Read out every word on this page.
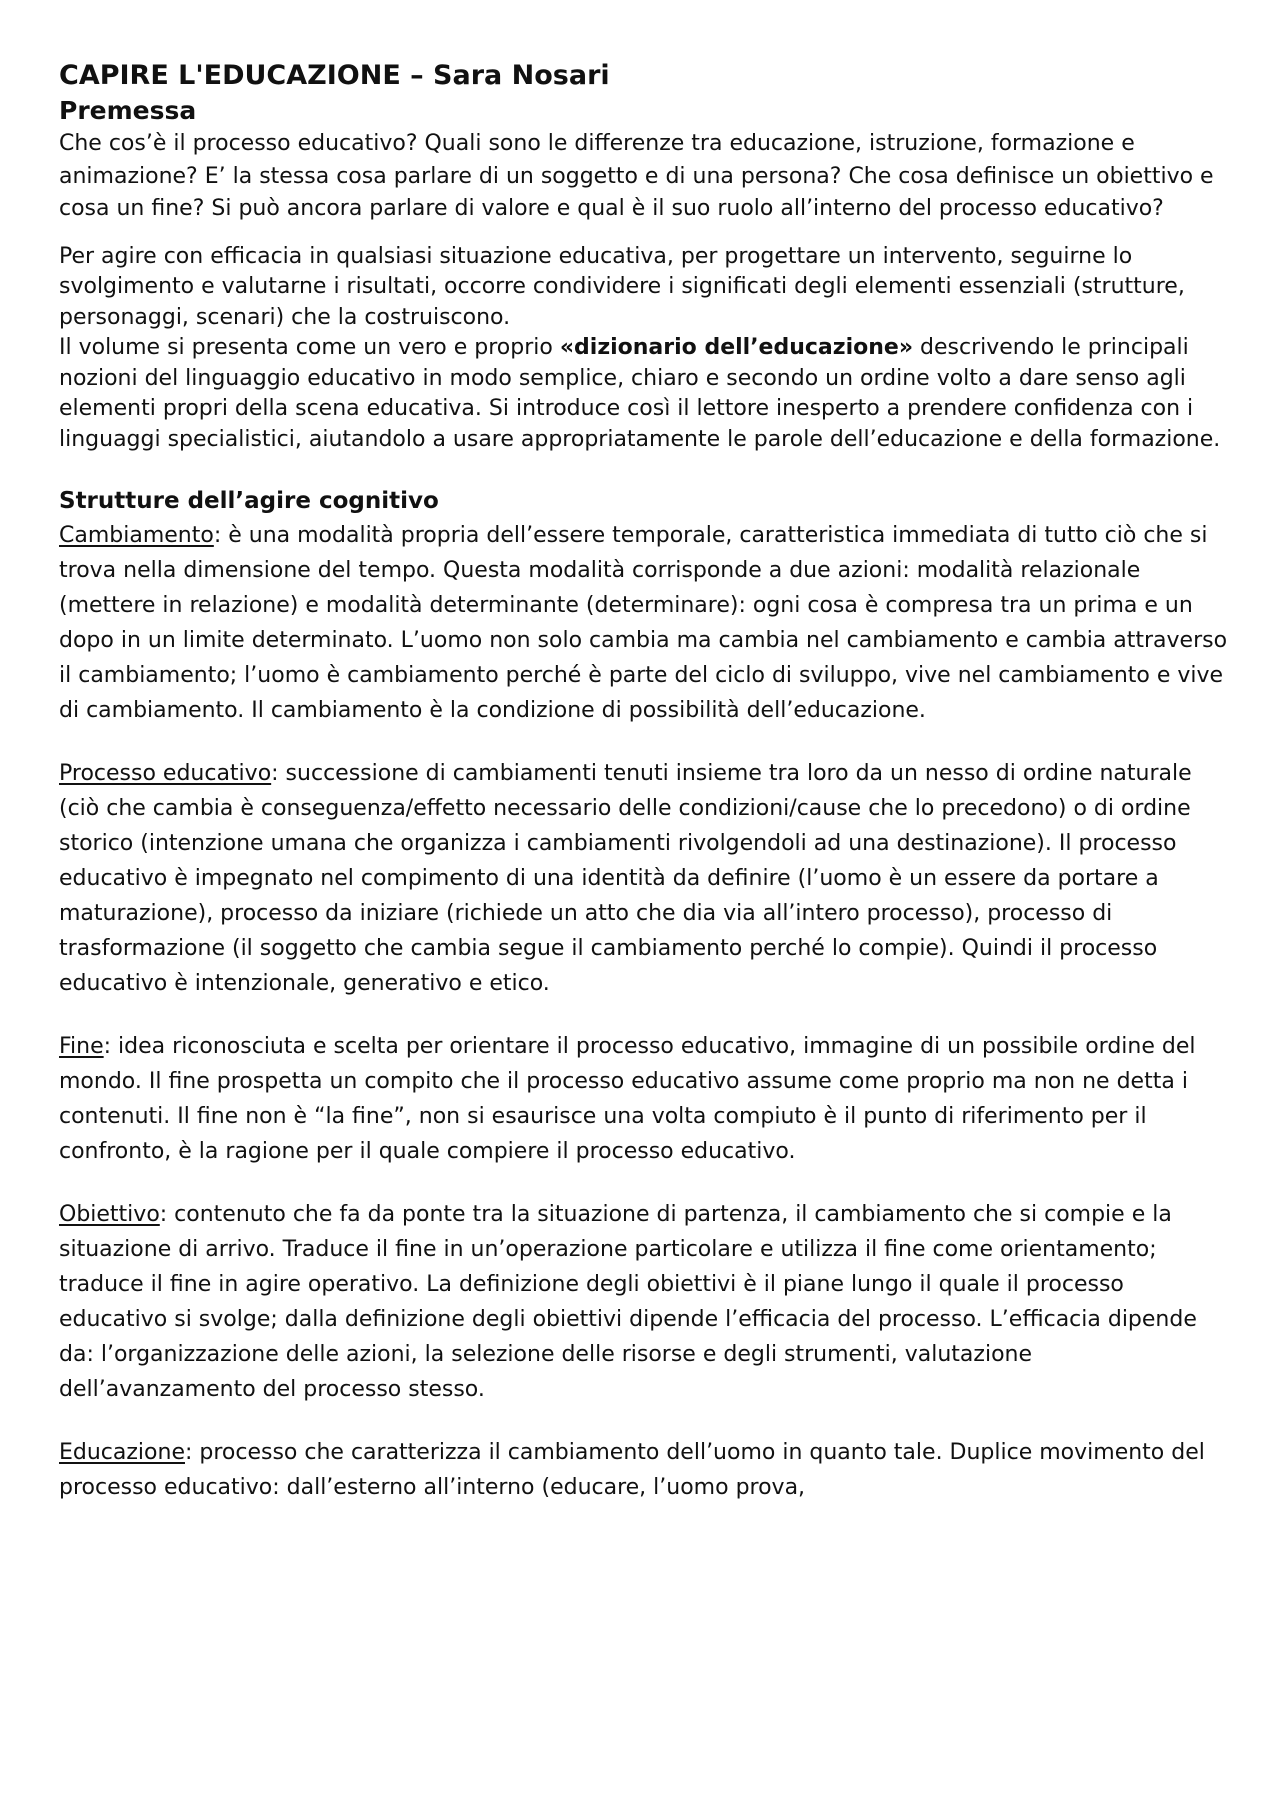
CAPIRE L'EDUCAZIONE – Sara Nosari
Premessa

Che cos’è il processo educativo? Quali sono le differenze tra educazione, istruzione, formazione e animazione? E’ la stessa cosa parlare di un soggetto e di una persona? Che cosa definisce un obiettivo e cosa un fine? Si può ancora parlare di valore e qual è il suo ruolo all’interno del processo educativo?

Per agire con efficacia in qualsiasi situazione educativa, per progettare un intervento, seguirne lo svolgimento e valutarne i risultati, occorre condividere i significati degli elementi essenziali (strutture, personaggi, scenari) che la costruiscono.

Il volume si presenta come un vero e proprio «dizionario dell’educazione» descrivendo le principali nozioni del linguaggio educativo in modo semplice, chiaro e secondo un ordine volto a dare senso agli elementi propri della scena educativa. Si introduce così il lettore inesperto a prendere confidenza con i linguaggi specialistici, aiutandolo a usare appropriatamente le parole dell’educazione e della formazione.

Strutture dell’agire cognitivo

Cambiamento: è una modalità propria dell’essere temporale, caratteristica immediata di tutto ciò che si trova nella dimensione del tempo. Questa modalità corrisponde a due azioni: modalità relazionale (mettere in relazione) e modalità determinante (determinare): ogni cosa è compresa tra un prima e un dopo in un limite determinato. L’uomo non solo cambia ma cambia nel cambiamento e cambia attraverso il cambiamento; l’uomo è cambiamento perché è parte del ciclo di sviluppo, vive nel cambiamento e vive di cambiamento. Il cambiamento è la condizione di possibilità dell’educazione.

Processo educativo: successione di cambiamenti tenuti insieme tra loro da un nesso di ordine naturale (ciò che cambia è conseguenza/effetto necessario delle condizioni/cause che lo precedono) o di ordine storico (intenzione umana che organizza i cambiamenti rivolgendoli ad una destinazione). Il processo educativo è impegnato nel compimento di una identità da definire (l’uomo è un essere da portare a maturazione), processo da iniziare (richiede un atto che dia via all’intero processo), processo di trasformazione (il soggetto che cambia segue il cambiamento perché lo compie). Quindi il processo educativo è intenzionale, generativo e etico.

Fine: idea riconosciuta e scelta per orientare il processo educativo, immagine di un possibile ordine del mondo. Il fine prospetta un compito che il processo educativo assume come proprio ma non ne detta i contenuti. Il fine non è “la fine”, non si esaurisce una volta compiuto è il punto di riferimento per il confronto, è la ragione per il quale compiere il processo educativo.

Obiettivo: contenuto che fa da ponte tra la situazione di partenza, il cambiamento che si compie e la situazione di arrivo. Traduce il fine in un’operazione particolare e utilizza il fine come orientamento; traduce il fine in agire operativo. La definizione degli obiettivi è il piane lungo il quale il processo educativo si svolge; dalla definizione degli obiettivi dipende l’efficacia del processo. L’efficacia dipende da: l’organizzazione delle azioni, la selezione delle risorse e degli strumenti, valutazione dell’avanzamento del processo stesso.

Educazione: processo che caratterizza il cambiamento dell’uomo in quanto tale. Duplice movimento del processo educativo: dall’esterno all’interno (educare, l’uomo prova,
